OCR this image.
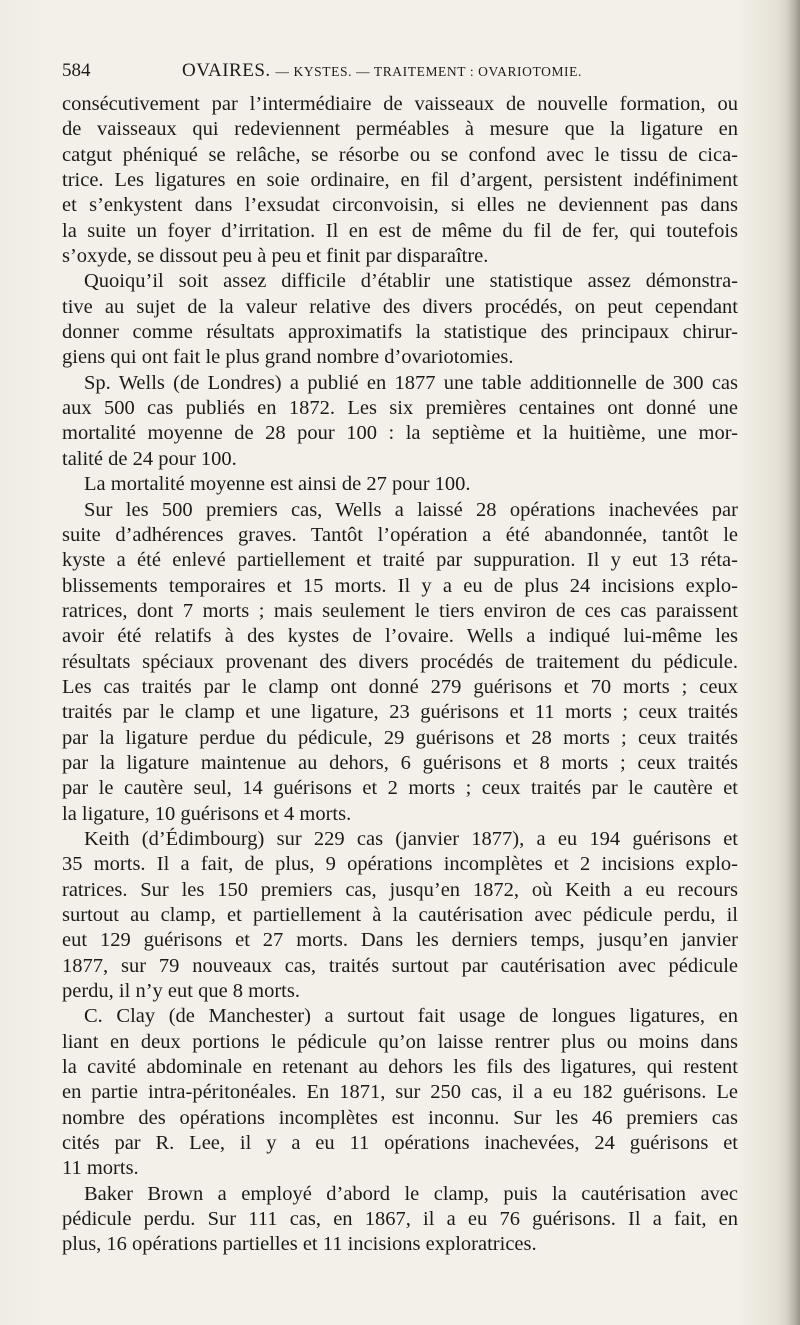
584	OVAIRES. — KYSTES. — TRAITEMENT : OVARIOTOMIE.
consécutivement par l’intermédiaire de vaisseaux de nouvelle formation, ou
de vaisseaux qui redeviennent perméables à mesure que la ligature en
catgut phéniqué se relâche, se résorbe ou se confond avec le tissu de cica-
trice. Les ligatures en soie ordinaire, en fil d’argent, persistent indéfiniment
et s’enkystent dans l’exsudat circonvoisin, si elles ne deviennent pas dans
la suite un foyer d’irritation. Il en est de même du fil de fer, qui toutefois
s’oxyde, se dissout peu à peu et finit par disparaître.
Quoiqu’il soit assez difficile d’établir une statistique assez démonstra-
tive au sujet de la valeur relative des divers procédés, on peut cependant
donner comme résultats approximatifs la statistique des principaux chirur-
giens qui ont fait le plus grand nombre d’ovariotomies.
Sp. Wells (de Londres) a publié en 1877 une table additionnelle de 300 cas
aux 500 cas publiés en 1872. Les six premières centaines ont donné une
mortalité moyenne de 28 pour 100 : la septième et la huitième, une mor-
talité de 24 pour 100.
La mortalité moyenne est ainsi de 27 pour 100.
Sur les 500 premiers cas, Wells a laissé 28 opérations inachevées par
suite d’adhérences graves. Tantôt l’opération a été abandonnée, tantôt le
kyste a été enlevé partiellement et traité par suppuration. Il y eut 13 réta-
blissements temporaires et 15 morts. Il y a eu de plus 24 incisions explo-
ratrices, dont 7 morts ; mais seulement le tiers environ de ces cas paraissent
avoir été relatifs à des kystes de l’ovaire. Wells a indiqué lui-même les
résultats spéciaux provenant des divers procédés de traitement du pédicule.
Les cas traités par le clamp ont donné 279 guérisons et 70 morts ; ceux
traités par le clamp et une ligature, 23 guérisons et 11 morts ; ceux traités
par la ligature perdue du pédicule, 29 guérisons et 28 morts ; ceux traités
par la ligature maintenue au dehors, 6 guérisons et 8 morts ; ceux traités
par le cautère seul, 14 guérisons et 2 morts ; ceux traités par le cautère et
la ligature, 10 guérisons et 4 morts.
Keith (d’Édimbourg) sur 229 cas (janvier 1877), a eu 194 guérisons et
35 morts. Il a fait, de plus, 9 opérations incomplètes et 2 incisions explo-
ratrices. Sur les 150 premiers cas, jusqu’en 1872, où Keith a eu recours
surtout au clamp, et partiellement à la cautérisation avec pédicule perdu, il
eut 129 guérisons et 27 morts. Dans les derniers temps, jusqu’en janvier
1877, sur 79 nouveaux cas, traités surtout par cautérisation avec pédicule
perdu, il n’y eut que 8 morts.
C. Clay (de Manchester) a surtout fait usage de longues ligatures, en
liant en deux portions le pédicule qu’on laisse rentrer plus ou moins dans
la cavité abdominale en retenant au dehors les fils des ligatures, qui restent
en partie intra-péritonéales. En 1871, sur 250 cas, il a eu 182 guérisons. Le
nombre des opérations incomplètes est inconnu. Sur les 46 premiers cas
cités par R. Lee, il y a eu 11 opérations inachevées, 24 guérisons et
11 morts.
Baker Brown a employé d’abord le clamp, puis la cautérisation avec
pédicule perdu. Sur 111 cas, en 1867, il a eu 76 guérisons. Il a fait, en
plus, 16 opérations partielles et 11 incisions exploratrices.
